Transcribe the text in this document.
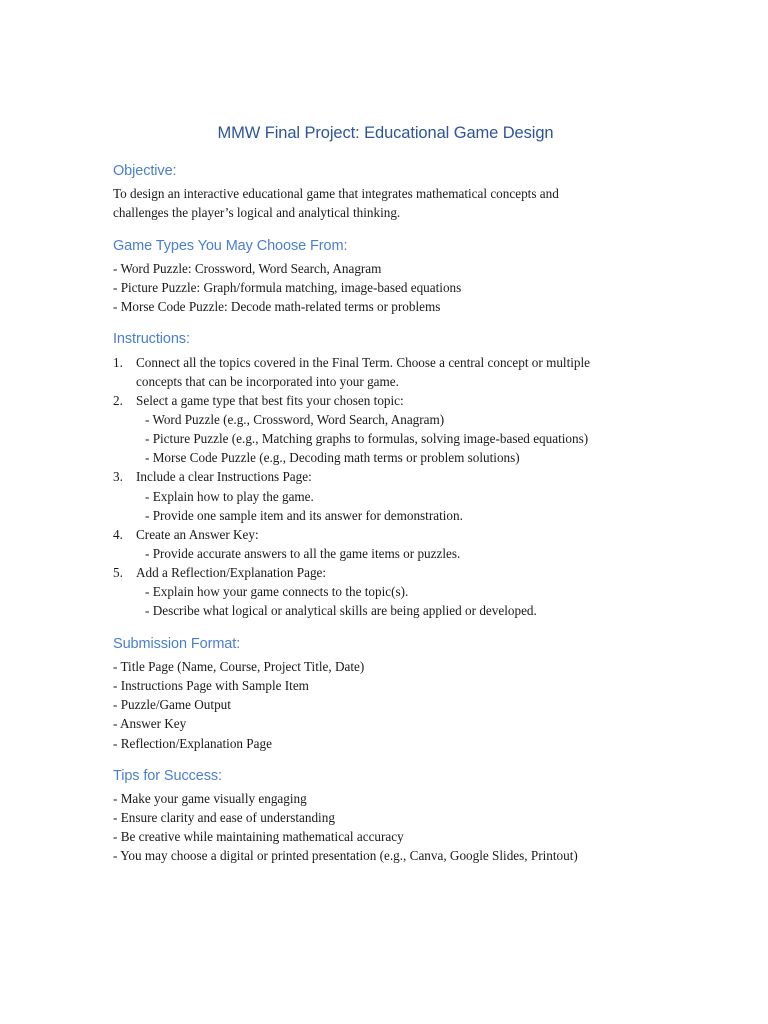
MMW Final Project: Educational Game Design
Objective:
To design an interactive educational game that integrates mathematical concepts and
challenges the player’s logical and analytical thinking.
Game Types You May Choose From:
- Word Puzzle: Crossword, Word Search, Anagram
- Picture Puzzle: Graph/formula matching, image-based equations
- Morse Code Puzzle: Decode math-related terms or problems
Instructions:
1. Connect all the topics covered in the Final Term. Choose a central concept or multiple
concepts that can be incorporated into your game.
2. Select a game type that best fits your chosen topic:
- Word Puzzle (e.g., Crossword, Word Search, Anagram)
- Picture Puzzle (e.g., Matching graphs to formulas, solving image-based equations)
- Morse Code Puzzle (e.g., Decoding math terms or problem solutions)
3. Include a clear Instructions Page:
- Explain how to play the game.
- Provide one sample item and its answer for demonstration.
4. Create an Answer Key:
- Provide accurate answers to all the game items or puzzles.
5. Add a Reflection/Explanation Page:
- Explain how your game connects to the topic(s).
- Describe what logical or analytical skills are being applied or developed.
Submission Format:
- Title Page (Name, Course, Project Title, Date)
- Instructions Page with Sample Item
- Puzzle/Game Output
- Answer Key
- Reflection/Explanation Page
Tips for Success:
- Make your game visually engaging
- Ensure clarity and ease of understanding
- Be creative while maintaining mathematical accuracy
- You may choose a digital or printed presentation (e.g., Canva, Google Slides, Printout)
